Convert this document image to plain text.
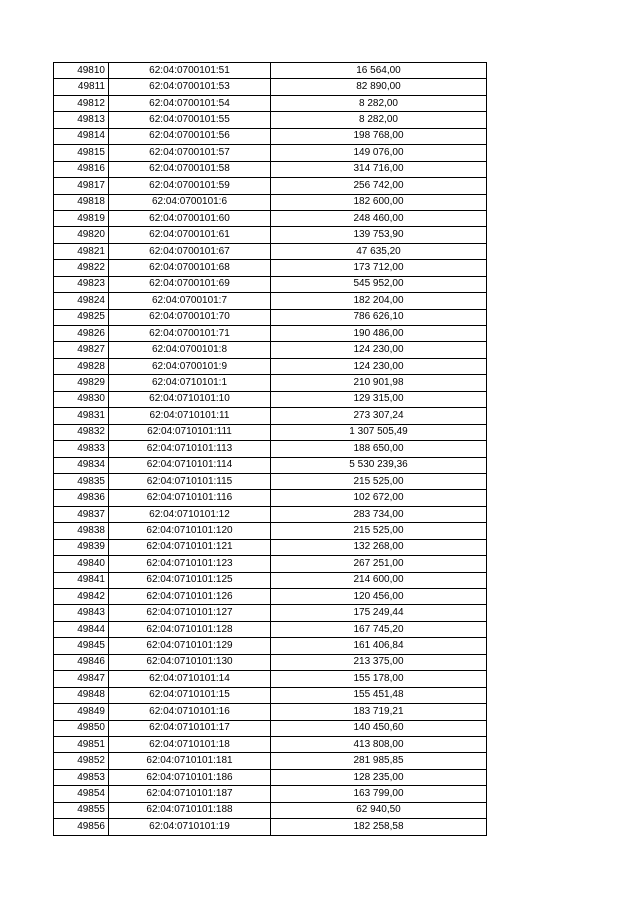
49810	62:04:0700101:51	16 564,00
49811	62:04:0700101:53	82 890,00
49812	62:04:0700101:54	8 282,00
49813	62:04:0700101:55	8 282,00
49814	62:04:0700101:56	198 768,00
49815	62:04:0700101:57	149 076,00
49816	62:04:0700101:58	314 716,00
49817	62:04:0700101:59	256 742,00
49818	62:04:0700101:6	182 600,00
49819	62:04:0700101:60	248 460,00
49820	62:04:0700101:61	139 753,90
49821	62:04:0700101:67	47 635,20
49822	62:04:0700101:68	173 712,00
49823	62:04:0700101:69	545 952,00
49824	62:04:0700101:7	182 204,00
49825	62:04:0700101:70	786 626,10
49826	62:04:0700101:71	190 486,00
49827	62:04:0700101:8	124 230,00
49828	62:04:0700101:9	124 230,00
49829	62:04:0710101:1	210 901,98
49830	62:04:0710101:10	129 315,00
49831	62:04:0710101:11	273 307,24
49832	62:04:0710101:111	1 307 505,49
49833	62:04:0710101:113	188 650,00
49834	62:04:0710101:114	5 530 239,36
49835	62:04:0710101:115	215 525,00
49836	62:04:0710101:116	102 672,00
49837	62:04:0710101:12	283 734,00
49838	62:04:0710101:120	215 525,00
49839	62:04:0710101:121	132 268,00
49840	62:04:0710101:123	267 251,00
49841	62:04:0710101:125	214 600,00
49842	62:04:0710101:126	120 456,00
49843	62:04:0710101:127	175 249,44
49844	62:04:0710101:128	167 745,20
49845	62:04:0710101:129	161 406,84
49846	62:04:0710101:130	213 375,00
49847	62:04:0710101:14	155 178,00
49848	62:04:0710101:15	155 451,48
49849	62:04:0710101:16	183 719,21
49850	62:04:0710101:17	140 450,60
49851	62:04:0710101:18	413 808,00
49852	62:04:0710101:181	281 985,85
49853	62:04:0710101:186	128 235,00
49854	62:04:0710101:187	163 799,00
49855	62:04:0710101:188	62 940,50
49856	62:04:0710101:19	182 258,58
